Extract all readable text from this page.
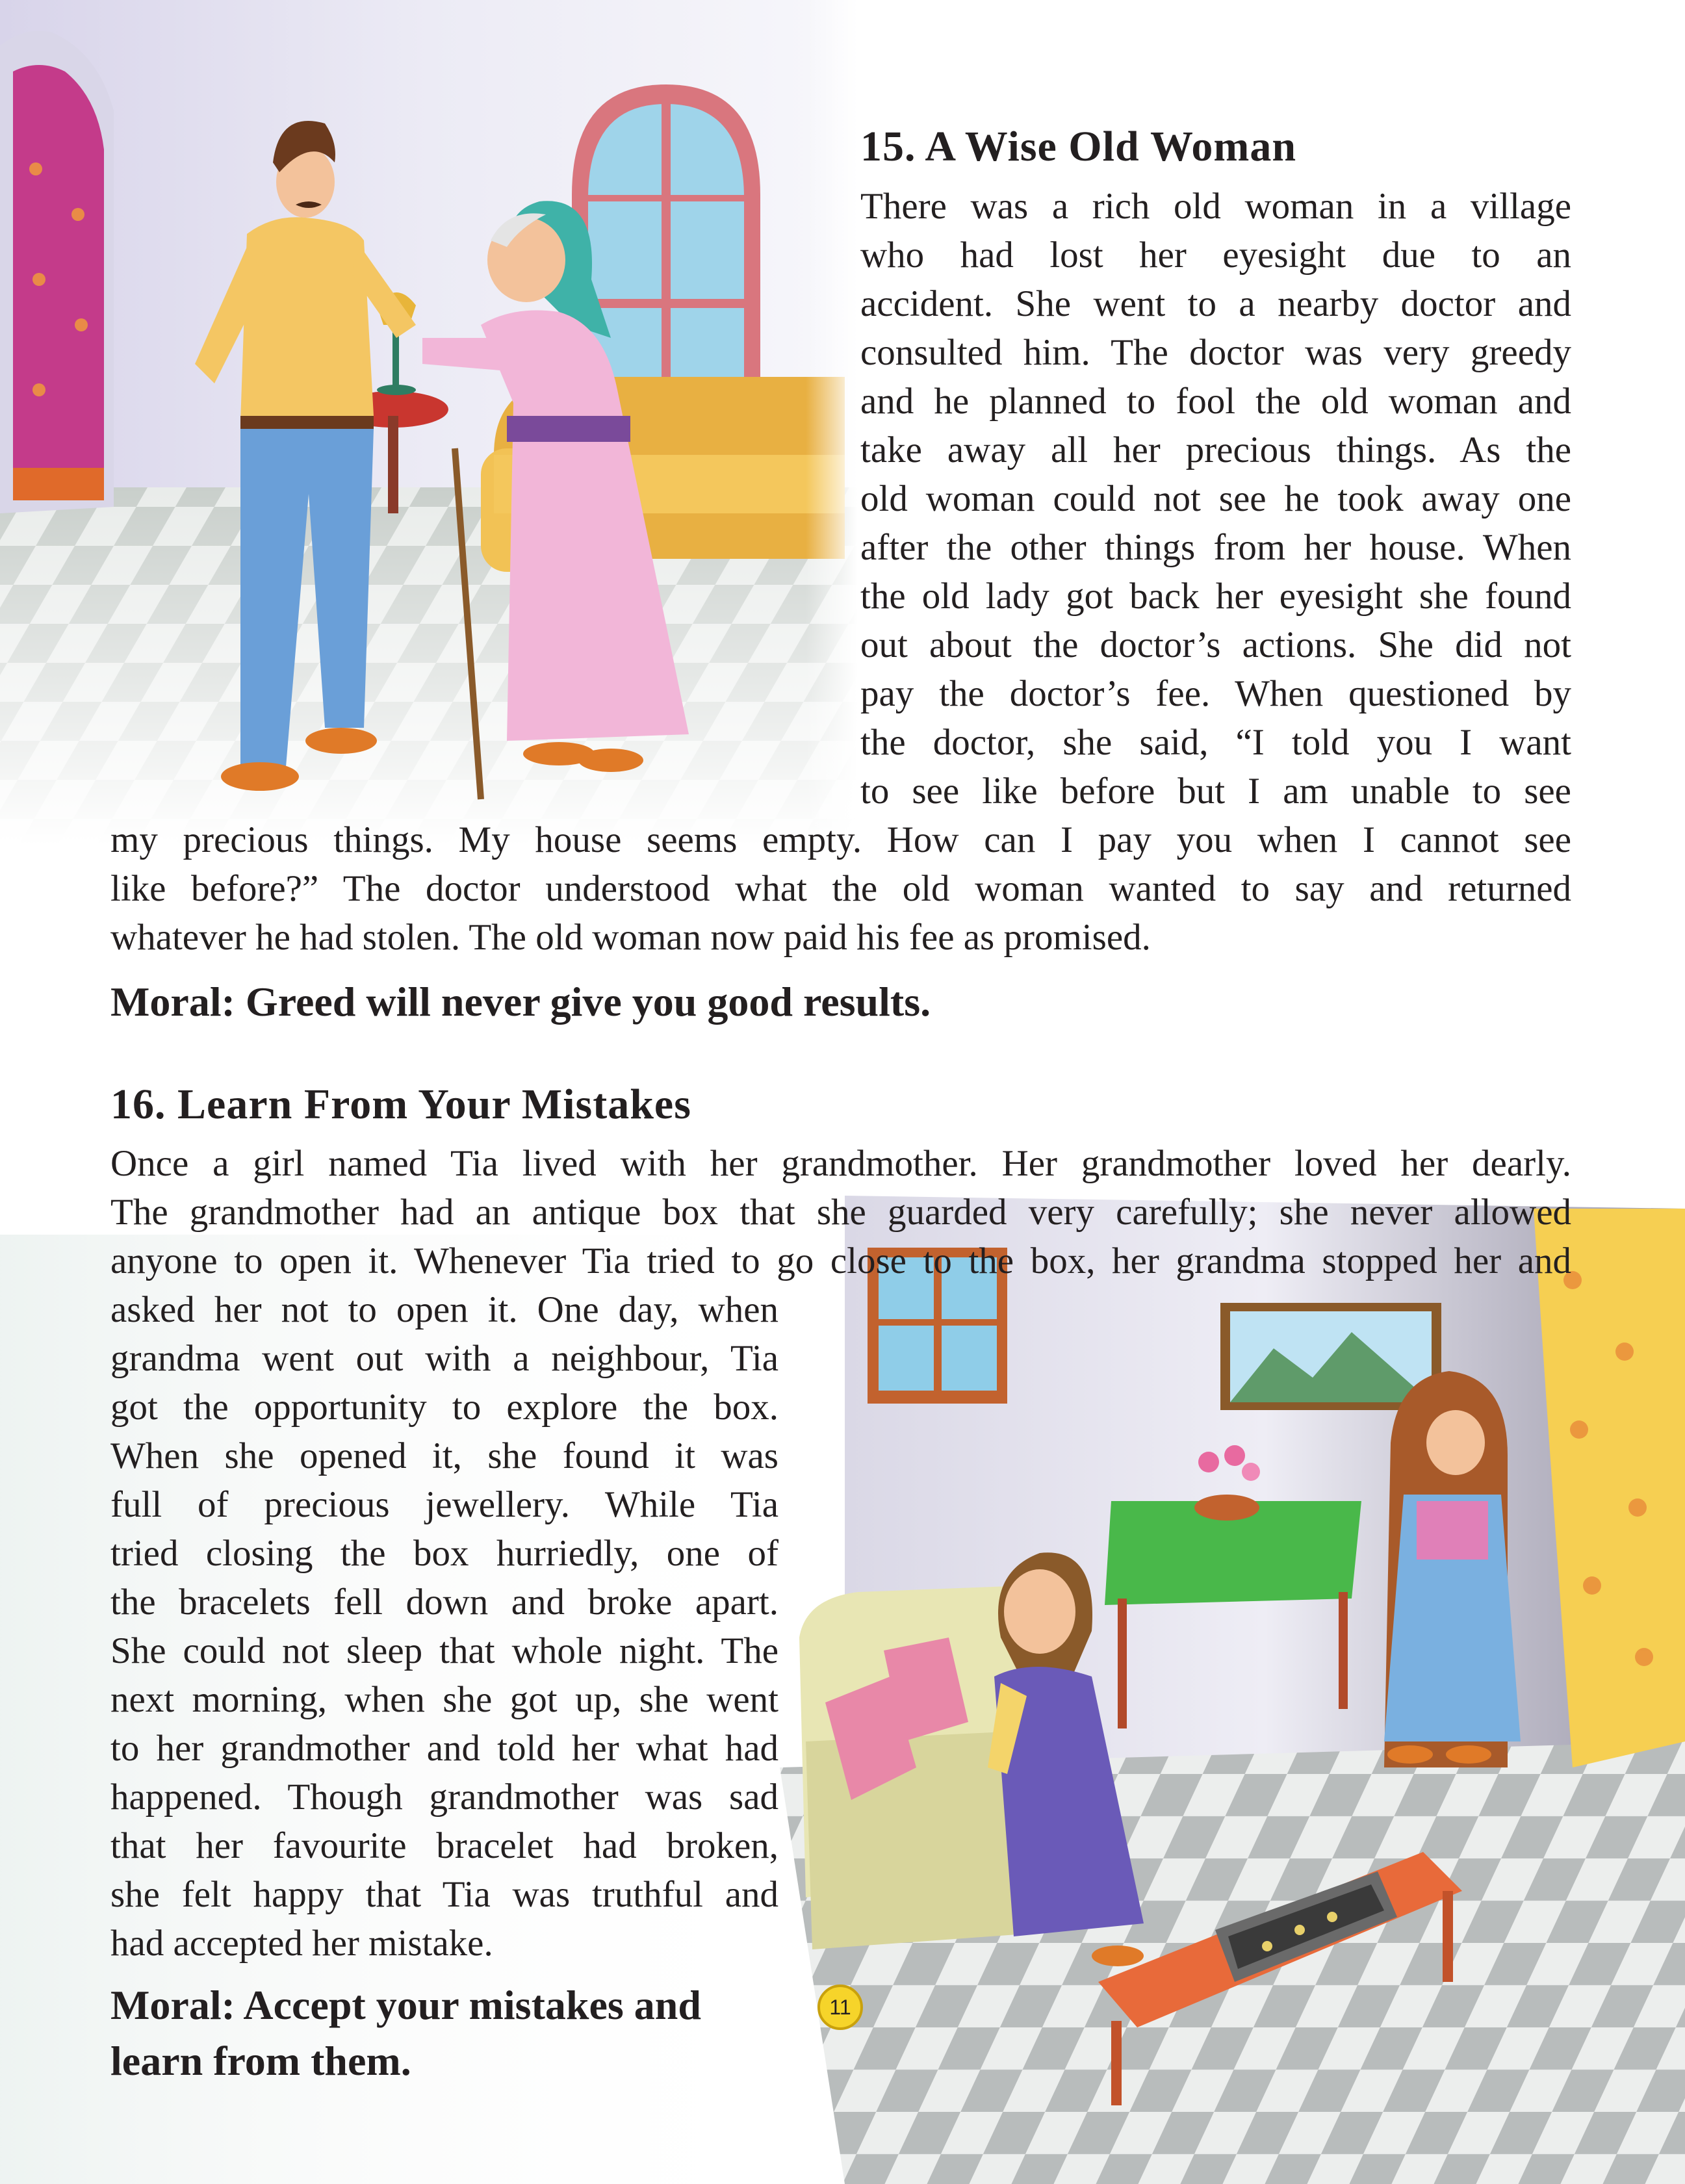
15. A Wise Old Woman
There was a rich old woman in a village
who had lost her eyesight due to an
accident. She went to a nearby doctor and
consulted him. The doctor was very greedy
and he planned to fool the old woman and
take away all her precious things. As the
old woman could not see he took away one
after the other things from her house. When
the old lady got back her eyesight she found
out about the doctor’s actions. She did not
pay the doctor’s fee. When questioned by
the doctor, she said, “I told you I want
to see like before but I am unable to see
my precious things. My house seems empty. How can I pay you when I cannot see
like before?” The doctor understood what the old woman wanted to say and returned
whatever he had stolen. The old woman now paid his fee as promised.
Moral: Greed will never give you good results.
16. Learn From Your Mistakes
Once a girl named Tia lived with her grandmother. Her grandmother loved her dearly.
The grandmother had an antique box that she guarded very carefully; she never allowed
anyone to open it. Whenever Tia tried to go close to the box, her grandma stopped her and
asked her not to open it. One day, when
grandma went out with a neighbour, Tia
got the opportunity to explore the box.
When she opened it, she found it was
full of precious jewellery. While Tia
tried closing the box hurriedly, one of
the bracelets fell down and broke apart.
She could not sleep that whole night. The
next morning, when she got up, she went
to her grandmother and told her what had
happened. Though grandmother was sad
that her favourite bracelet had broken,
she felt happy that Tia was truthful and
had accepted her mistake.
Moral: Accept your mistakes and
learn from them.
11
